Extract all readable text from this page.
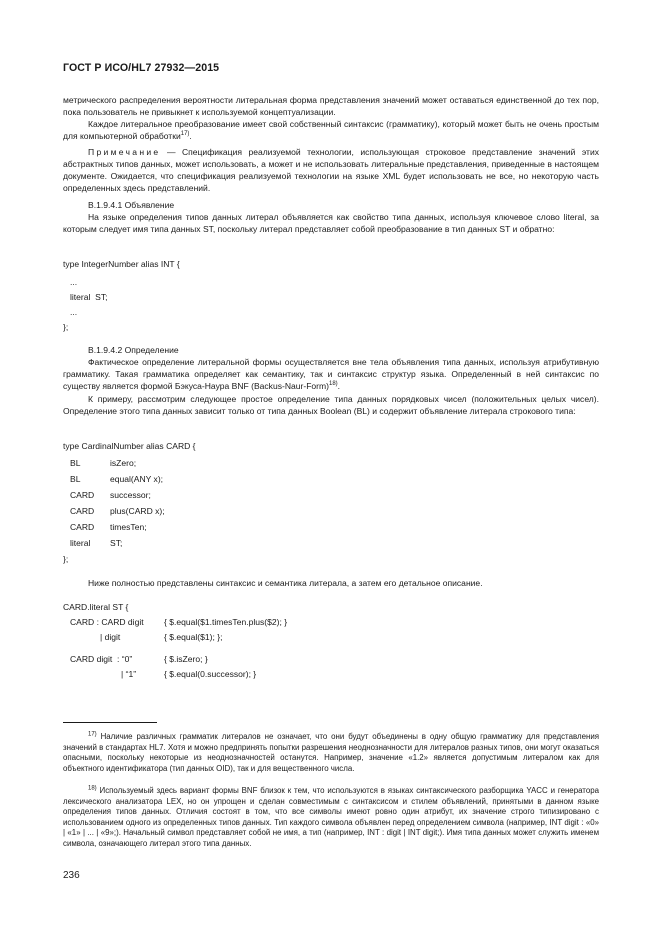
ГОСТ Р ИСО/HL7 27932—2015
метрического распределения вероятности литеральная форма представления значений может оставаться единственной до тех пор, пока пользователь не привыкнет к используемой концептуализации.
Каждое литеральное преобразование имеет свой собственный синтаксис (грамматику), который может быть не очень простым для компьютерной обработки$^{17)}$.
Примечание — Спецификация реализуемой технологии, использующая строковое представление значений этих абстрактных типов данных, может использовать, а может и не использовать литеральные представления, приведенные в настоящем документе. Ожидается, что спецификация реализуемой технологии на языке XML будет использовать не все, но некоторую часть определенных здесь представлений.
B.1.9.4.1 Объявление
На языке определения типов данных литерал объявляется как свойство типа данных, используя ключевое слово literal, за которым следует имя типа данных ST, поскольку литерал представляет собой преобразование в тип данных ST и обратно:
type IntegerNumber alias INT {
...
literal  ST;
...
};
B.1.9.4.2 Определение
Фактическое определение литеральной формы осуществляется вне тела объявления типа данных, используя атрибутивную грамматику. Такая грамматика определяет как семантику, так и синтаксис структур языка. Определенный в ней синтаксис по существу является формой Бэкуса-Наура BNF (Backus-Naur-Form)$^{18)}$.
К примеру, рассмотрим следующее простое определение типа данных порядковых чисел (положительных целых чисел). Определение этого типа данных зависит только от типа данных Boolean (BL) и содержит объявление литерала строкового типа:
type CardinalNumber alias CARD {
BL	isZero;
BL	equal(ANY x);
CARD successor;
CARD plus(CARD x);
CARD timesTen;
literal ST;
};
Ниже полностью представлены синтаксис и семантика литерала, а затем его детальное описание.
CARD.literal ST {
CARD : CARD digit { $.equal($1.timesTen.plus($2); }
| digit	{ $.equal($1); };
CARD digit  : “0”	{ $.isZero; }
| “1”	{ $.equal(0.successor); }
$^{17)}$ Наличие различных грамматик литералов не означает, что они будут объединены в одну общую грамматику для представления значений в стандартах HL7. Хотя и можно предпринять попытки разрешения неоднозначности для литералов разных типов, они могут оказаться опасными, поскольку некоторые из неоднозначностей останутся. Например, значение «1.2» является допустимым литералом как для объектного идентификатора (тип данных OID), так и для вещественного числа.
$^{18)}$ Используемый здесь вариант формы BNF близок к тем, что используются в языках синтаксического разборщика YACC и генератора лексического анализатора LEX, но он упрощен и сделан совместимым с синтаксисом и стилем объявлений, принятыми в данном языке определения типов данных. Отличия состоят в том, что все символы имеют ровно один атрибут, их значение строго типизировано с использованием одного из определенных типов данных. Тип каждого символа объявлен перед определением символа (например, INT digit : «0» | «1» | ... | «9»;). Начальный символ представляет собой не имя, а тип (например, INT : digit | INT digit;). Имя типа данных может служить именем символа, означающего литерал этого типа данных.
236
